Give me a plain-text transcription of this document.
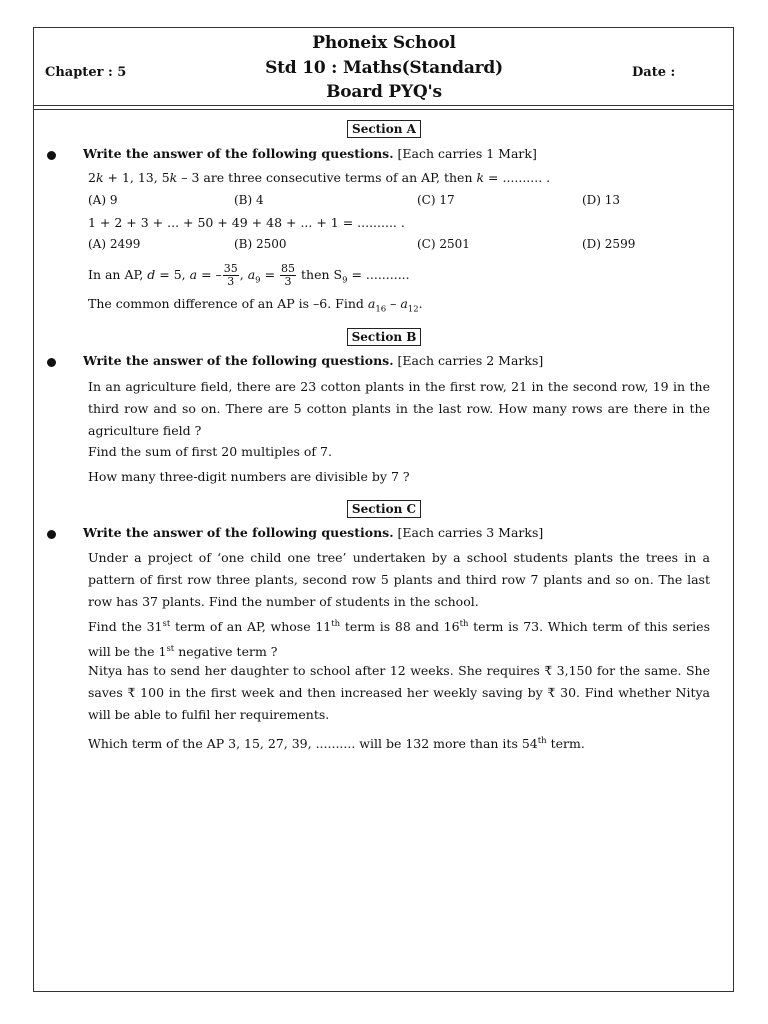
Phoneix School
Std 10 : Maths(Standard)
Board PYQ's
Chapter : 5	Date :
Section A
Write the answer of the following questions. [Each carries 1 Mark]
2k + 1, 13, 5k – 3 are three consecutive terms of an AP, then k = .......... .
(A) 9	(B) 4	(C) 17	(D) 13
1 + 2 + 3 + ... + 50 + 49 + 48 + ... + 1 = .......... .
(A) 2499	(B) 2500	(C) 2501	(D) 2599
In an AP, d = 5, a = – $\frac{35}{3}$ , $a_9 = \frac{85}{3}$ then $S_9$ = ...........
The common difference of an AP is –6. Find $a_{16} - a_{12}$.
Section B
Write the answer of the following questions. [Each carries 2 Marks]
In an agriculture field, there are 23 cotton plants in the first row, 21 in the second row, 19 in the third row and so on. There are 5 cotton plants in the last row. How many rows are there in the agriculture field ?
Find the sum of first 20 multiples of 7.
How many three-digit numbers are divisible by 7 ?
Section C
Write the answer of the following questions. [Each carries 3 Marks]
Under a project of ‘one child one tree’ undertaken by a school students plants the trees in a pattern of first row three plants, second row 5 plants and third row 7 plants and so on. The last row has 37 plants. Find the number of students in the school.
Find the 31st term of an AP, whose 11th term is 88 and 16th term is 73. Which term of this series will be the 1st negative term ?
Nitya has to send her daughter to school after 12 weeks. She requires ₹ 3,150 for the same. She saves ₹ 100 in the first week and then increased her weekly saving by ₹ 30. Find whether Nitya will be able to fulfil her requirements.
Which term of the AP 3, 15, 27, 39, .......... will be 132 more than its 54th term.
